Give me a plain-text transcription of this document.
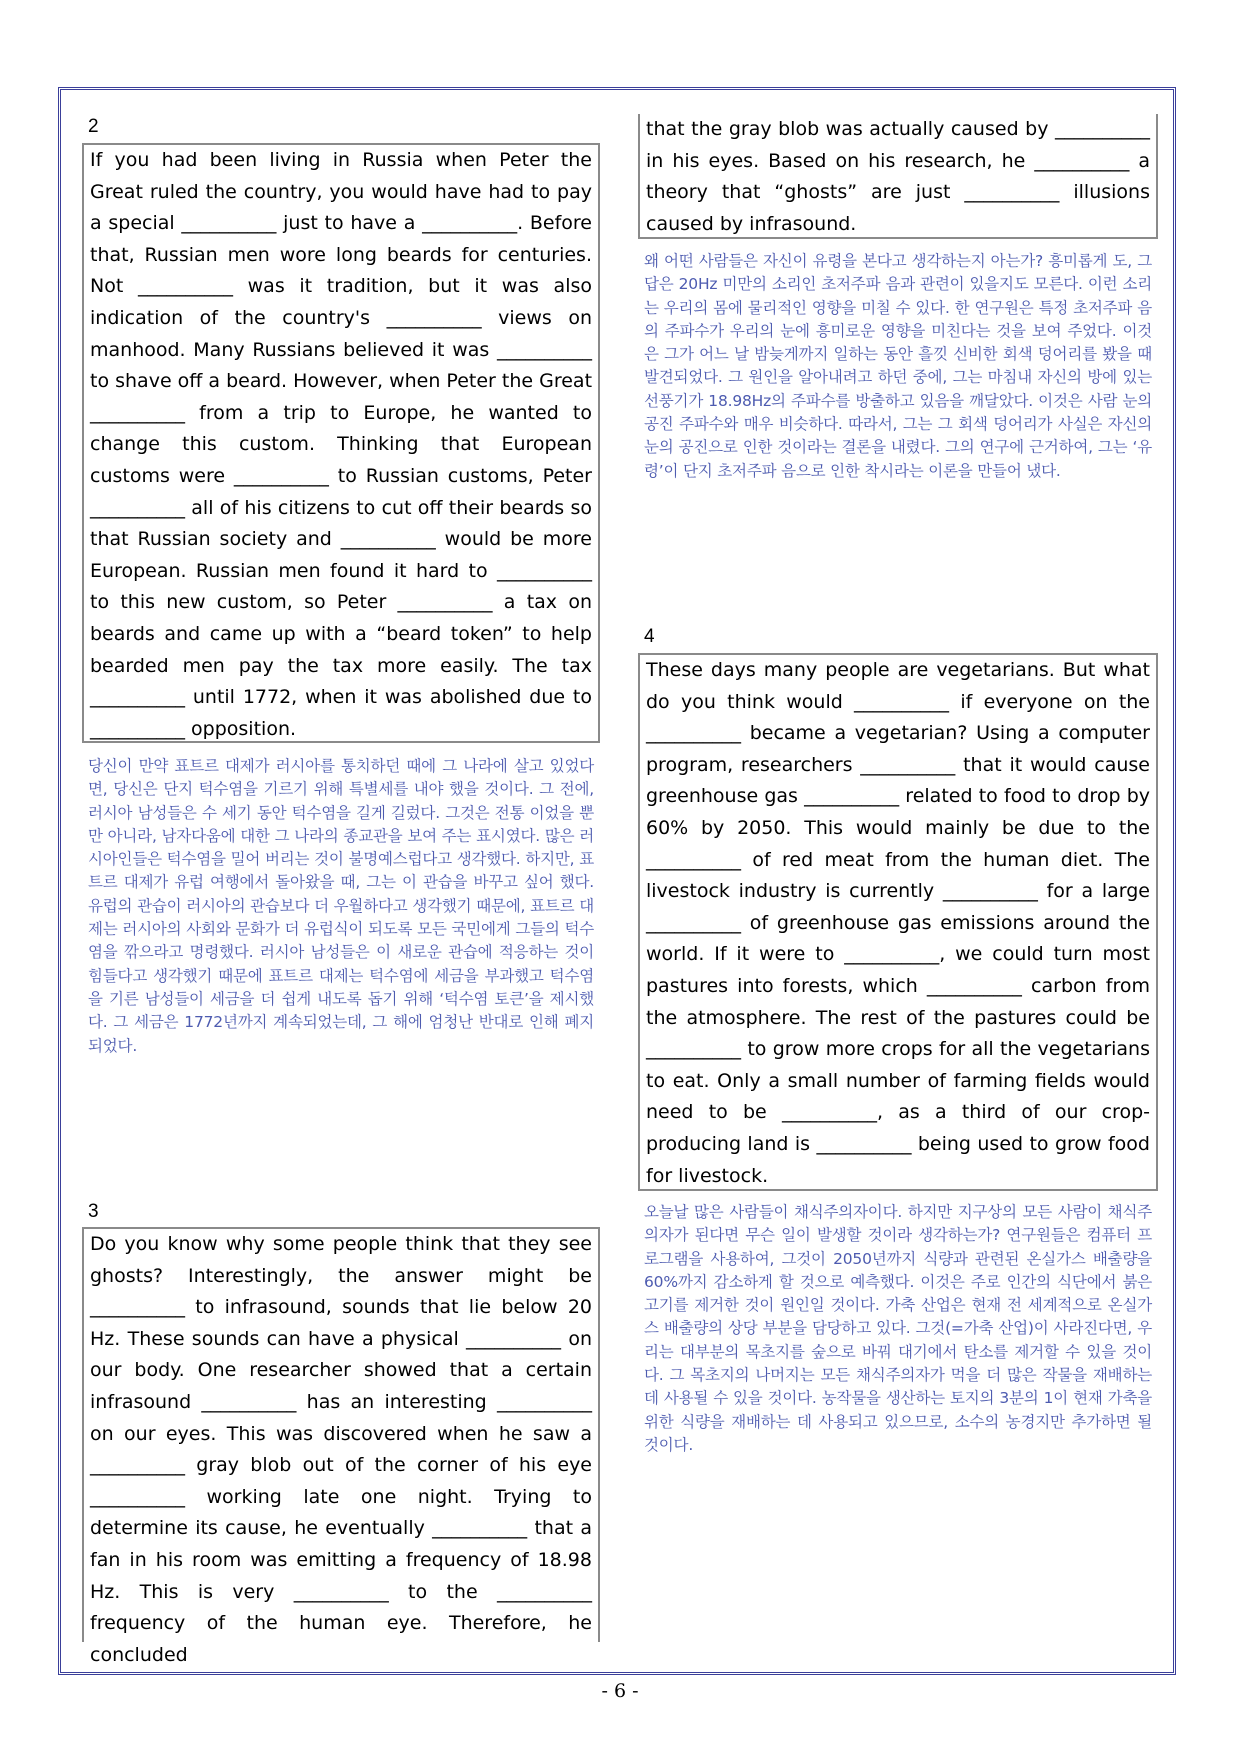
2
If you had been living in Russia when Peter the Great ruled the country, you would have had to pay a special __________ just to have a __________. Before that, Russian men wore long beards for centuries. Not __________ was it tradition, but it was also indication of the country's __________ views on manhood. Many Russians believed it was __________ to shave off a beard. However, when Peter the Great __________ from a trip to Europe, he wanted to change this custom. Thinking that European customs were __________ to Russian customs, Peter __________ all of his citizens to cut off their beards so that Russian society and __________ would be more European. Russian men found it hard to __________ to this new custom, so Peter __________ a tax on beards and came up with a “beard token” to help bearded men pay the tax more easily. The tax __________ until 1772, when it was abolished due to __________ opposition.
당신이 만약 표트르 대제가 러시아를 통치하던 때에 그 나라에 살고 있었다면, 당신은 단지 턱수염을 기르기 위해 특별세를 내야 했을 것이다. 그 전에, 러시아 남성들은 수 세기 동안 턱수염을 길게 길렀다. 그것은 전통 이었을 뿐만 아니라, 남자다움에 대한 그 나라의 종교관을 보여 주는 표시였다. 많은 러시아인들은 턱수염을 밀어 버리는 것이 불명예스럽다고 생각했다. 하지만, 표트르 대제가 유럽 여행에서 돌아왔을 때, 그는 이 관습을 바꾸고 싶어 했다. 유럽의 관습이 러시아의 관습보다 더 우월하다고 생각했기 때문에, 표트르 대제는 러시아의 사회와 문화가 더 유럽식이 되도록 모든 국민에게 그들의 턱수염을 깎으라고 명령했다. 러시아 남성들은 이 새로운 관습에 적응하는 것이 힘들다고 생각했기 때문에 표트르 대제는 턱수염에 세금을 부과했고 턱수염을 기른 남성들이 세금을 더 쉽게 내도록 돕기 위해 ‘턱수염 토큰’을 제시했다. 그 세금은 1772년까지 계속되었는데, 그 해에 엄청난 반대로 인해 폐지되었다.
3
Do you know why some people think that they see ghosts? Interestingly, the answer might be __________ to infrasound, sounds that lie below 20 Hz. These sounds can have a physical __________ on our body. One researcher showed that a certain infrasound __________ has an interesting __________ on our eyes. This was discovered when he saw a __________ gray blob out of the corner of his eye __________ working late one night. Trying to determine its cause, he eventually __________ that a fan in his room was emitting a frequency of 18.98 Hz. This is very __________ to the __________ frequency of the human eye. Therefore, he concluded
that the gray blob was actually caused by __________ in his eyes. Based on his research, he __________ a theory that “ghosts” are just __________ illusions caused by infrasound.
왜 어떤 사람들은 자신이 유령을 본다고 생각하는지 아는가? 흥미롭게 도, 그 답은 20Hz 미만의 소리인 초저주파 음과 관련이 있을지도 모른다. 이런 소리는 우리의 몸에 물리적인 영향을 미칠 수 있다. 한 연구원은 특정 초저주파 음의 주파수가 우리의 눈에 흥미로운 영향을 미친다는 것을 보여 주었다. 이것은 그가 어느 날 밤늦게까지 일하는 동안 흘낏 신비한 회색 덩어리를 봤을 때 발견되었다. 그 원인을 알아내려고 하던 중에, 그는 마침내 자신의 방에 있는 선풍기가 18.98Hz의 주파수를 방출하고 있음을 깨달았다. 이것은 사람 눈의 공진 주파수와 매우 비슷하다. 따라서, 그는 그 회색 덩어리가 사실은 자신의 눈의 공진으로 인한 것이라는 결론을 내렸다. 그의 연구에 근거하여, 그는 ‘유령’이 단지 초저주파 음으로 인한 착시라는 이론을 만들어 냈다.
4
These days many people are vegetarians. But what do you think would __________ if everyone on the __________ became a vegetarian? Using a computer program, researchers __________ that it would cause greenhouse gas __________ related to food to drop by 60% by 2050. This would mainly be due to the __________ of red meat from the human diet. The livestock industry is currently __________ for a large __________ of greenhouse gas emissions around the world. If it were to __________, we could turn most pastures into forests, which __________ carbon from the atmosphere. The rest of the pastures could be __________ to grow more crops for all the vegetarians to eat. Only a small number of farming fields would need to be __________, as a third of our crop-producing land is __________ being used to grow food for livestock.
오늘날 많은 사람들이 채식주의자이다. 하지만 지구상의 모든 사람이 채식주의자가 된다면 무슨 일이 발생할 것이라 생각하는가? 연구원들은 컴퓨터 프로그램을 사용하여, 그것이 2050년까지 식량과 관련된 온실가스 배출량을 60%까지 감소하게 할 것으로 예측했다. 이것은 주로 인간의 식단에서 붉은 고기를 제거한 것이 원인일 것이다. 가축 산업은 현재 전 세계적으로 온실가스 배출량의 상당 부분을 담당하고 있다. 그것(=가축 산업)이 사라진다면, 우리는 대부분의 목초지를 숲으로 바꿔 대기에서 탄소를 제거할 수 있을 것이다. 그 목초지의 나머지는 모든 채식주의자가 먹을 더 많은 작물을 재배하는 데 사용될 수 있을 것이다. 농작물을 생산하는 토지의 3분의 1이 현재 가축을 위한 식량을 재배하는 데 사용되고 있으므로, 소수의 농경지만 추가하면 될 것이다.
- 6 -
